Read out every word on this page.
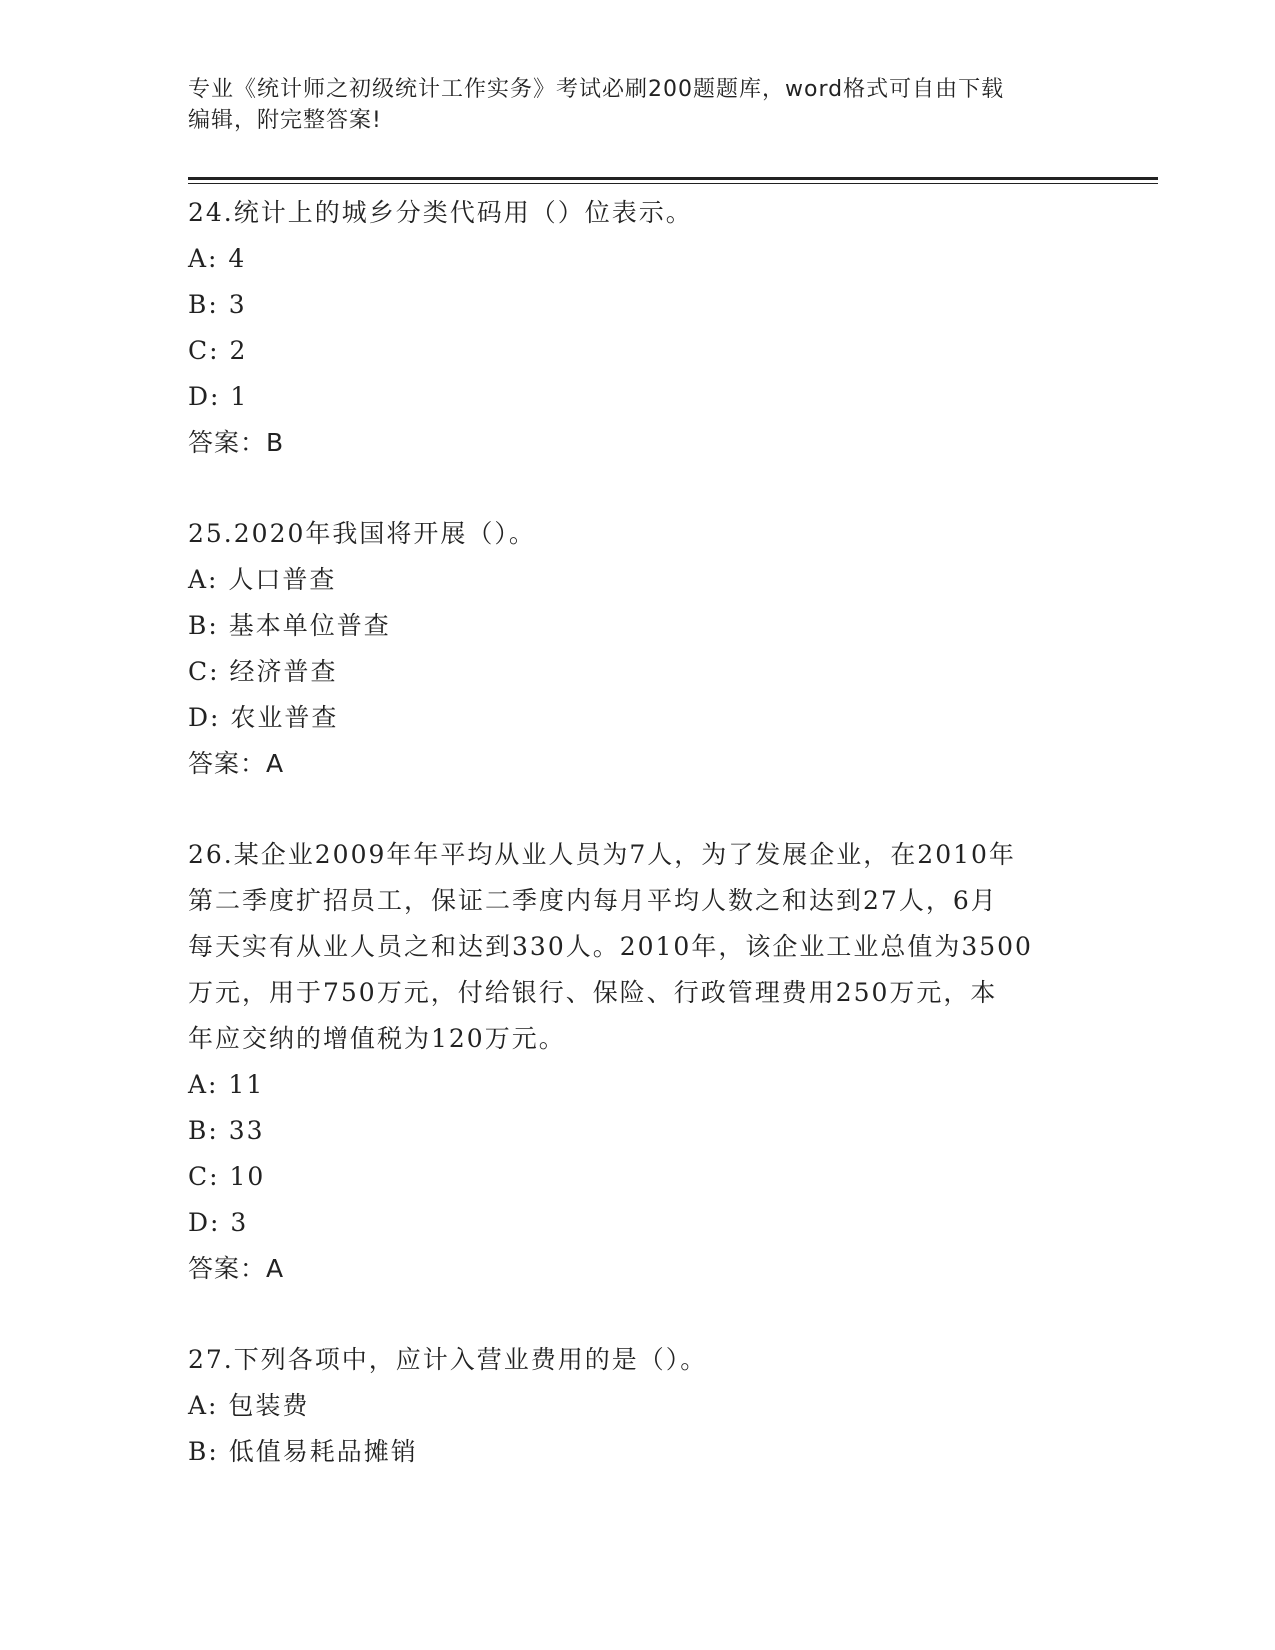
专业《统计师之初级统计工作实务》考试必刷200题题库，word格式可自由下载
编辑，附完整答案!
24.统计上的城乡分类代码用（）位表示。
A: 4
B: 3
C: 2
D: 1
答案：B
25.2020年我国将开展（）。
A: 人口普查
B: 基本单位普查
C: 经济普查
D: 农业普查
答案：A
26.某企业2009年年平均从业人员为7人，为了发展企业，在2010年
第二季度扩招员工，保证二季度内每月平均人数之和达到27人，6月
每天实有从业人员之和达到330人。2010年，该企业工业总值为3500
万元，用于750万元，付给银行、保险、行政管理费用250万元，本
年应交纳的增值税为120万元。
A: 11
B: 33
C: 10
D: 3
答案：A
27.下列各项中，应计入营业费用的是（）。
A: 包装费
B: 低值易耗品摊销
